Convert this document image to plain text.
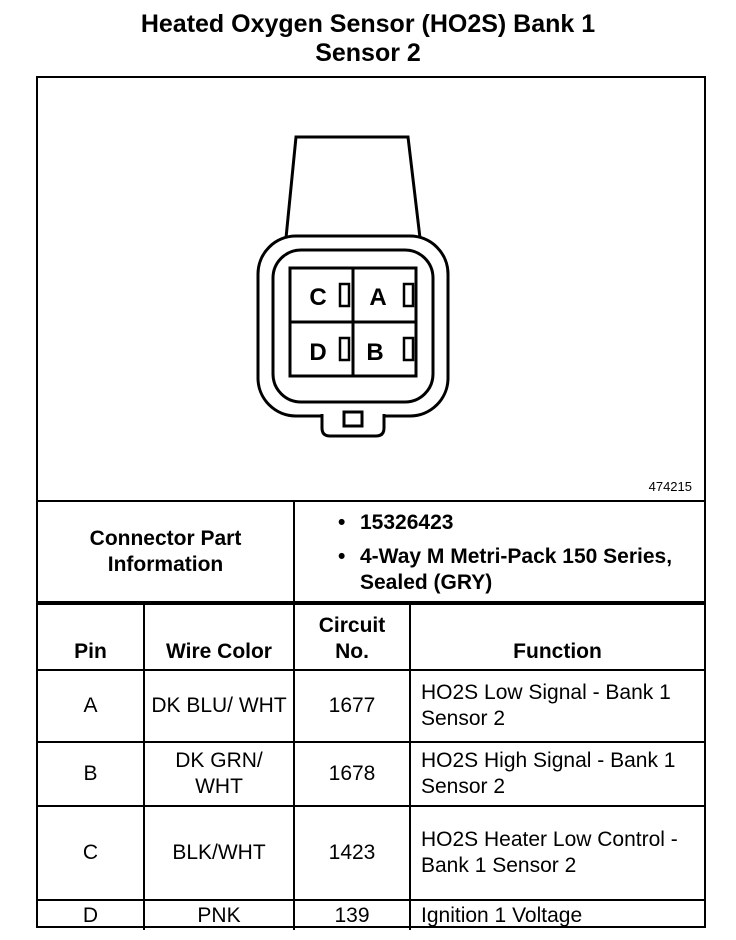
Heated Oxygen Sensor (HO2S) Bank 1
Sensor 2
C A
D B
474215
Connector Part Information
• 15326423
• 4-Way M Metri-Pack 150 Series, Sealed (GRY)
Pin	Wire Color	Circuit No.	Function
A	DK BLU/ WHT	1677	HO2S Low Signal - Bank 1 Sensor 2
B	DK GRN/ WHT	1678	HO2S High Signal - Bank 1 Sensor 2
C	BLK/WHT	1423	HO2S Heater Low Control - Bank 1 Sensor 2
D	PNK	139	Ignition 1 Voltage
